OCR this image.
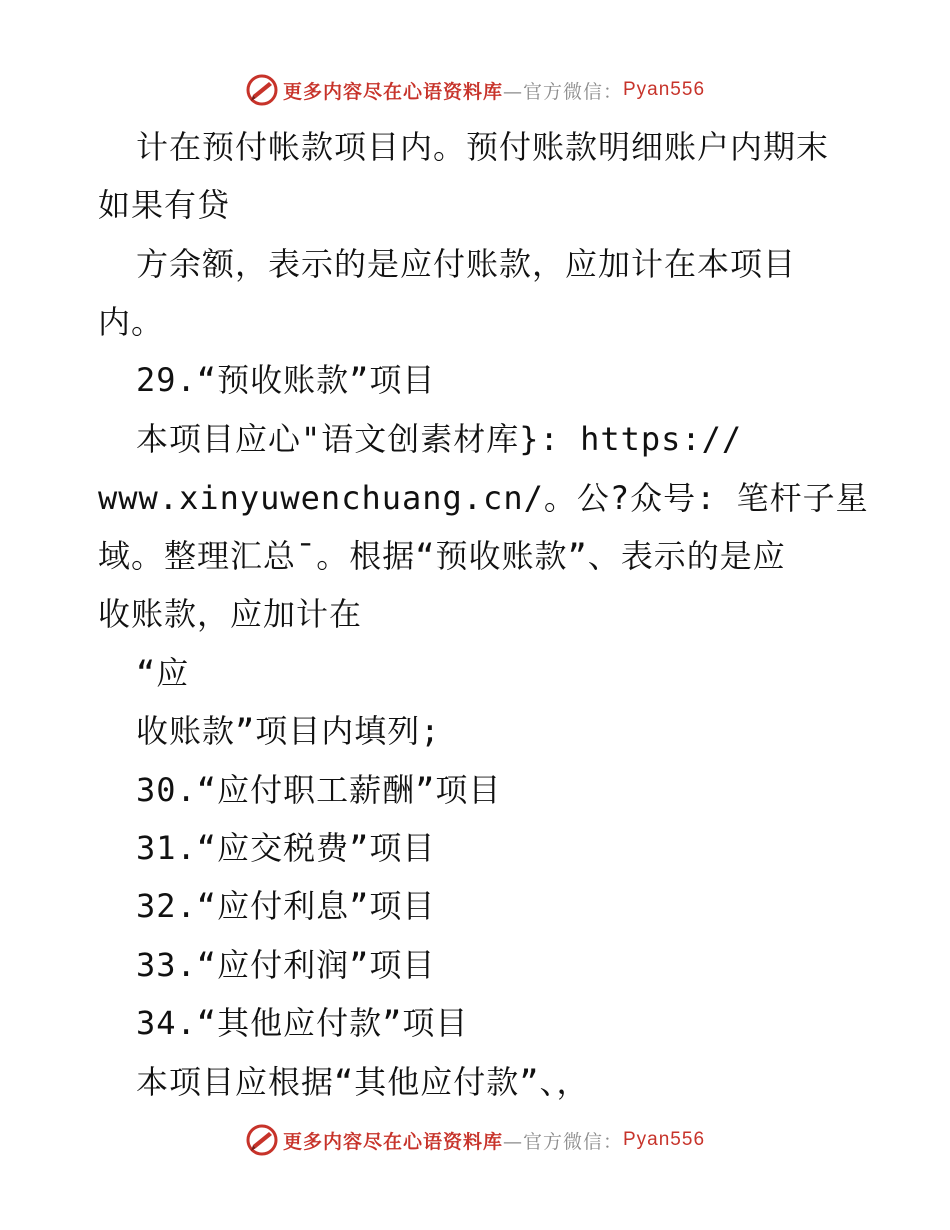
更多内容尽在心语资料库 —官方微信： Pyan556
计在预付帐款项目内。预付账款明细账户内期末
如果有贷
方余额，表示的是应付账款，应加计在本项目
内。
29.“预收账款”项目
本项目应心"语文创素材库}: https://
www.xinyuwenchuang.cn/。公?众号: 笔杆子星
域。整理汇总¯。根据“预收账款”、表示的是应
收账款，应加计在
“应
收账款”项目内填列;
30.“应付职工薪酬”项目
31.“应交税费”项目
32.“应付利息”项目
33.“应付利润”项目
34.“其他应付款”项目
本项目应根据“其他应付款”、，
更多内容尽在心语资料库 —官方微信： Pyan556
